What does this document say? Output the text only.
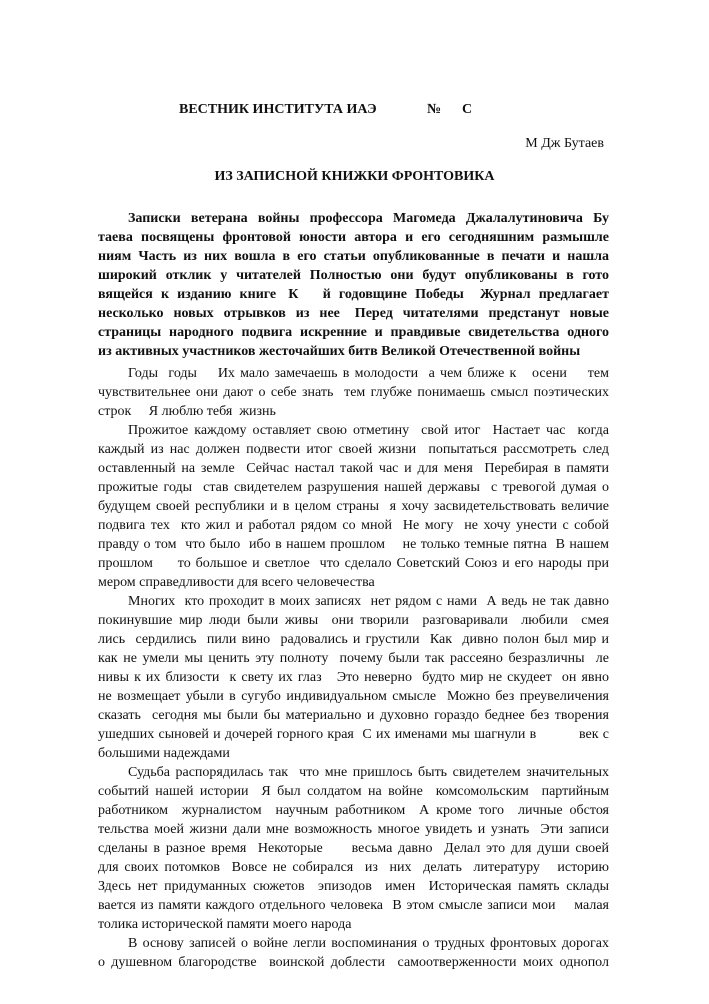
ВЕСТНИК ИНСТИТУТА ИАЭ	№ С
М Дж Бутаев
ИЗ ЗАПИСНОЙ КНИЖКИ ФРОНТОВИКА
Записки  ветерана  войны  профессора  Магомеда  Джалалутиновича  Бу
таева  посвящены  фронтовой  юности  автора  и  его  сегодняшним  размышле
ниям  Часть  из  них  вошла  в  его  статьи  опубликованные  в  печати  и  нашла
широкий  отклик  у  читателей  Полностью  они  будут  опубликованы  в  гото
вящейся  к  изданию  книге   К      й  годовщине  Победы    Журнал  предлагает
несколько  новых  отрывков  из  нее   Перед  читателями  предстанут  новые
страницы  народного  подвига  искренние  и  правдивые  свидетельства  одного
из активных участников жесточайших битв Великой Отечественной войны
Годы  годы    Их мало замечаешь в молодости  а чем ближе к   осени    тем
чувствительнее они дают о себе знать  тем глубже понимаешь смысл поэтических
строк     Я люблю тебя  жизнь
Прожитое каждому оставляет свою отметину  свой итог  Настает час  когда
каждый из нас должен подвести итог своей жизни  попытаться рассмотреть след
оставленный на земле  Сейчас настал такой час и для меня  Перебирая в памяти
прожитые годы  став свидетелем разрушения нашей державы  с тревогой думая о
будущем своей республики и в целом страны  я хочу засвидетельствовать величие
подвига тех  кто жил и работал рядом со мной  Не могу  не хочу унести с собой
правду о том  что было  ибо в нашем прошлом    не только темные пятна  В нашем
прошлом     то большое и светлое  что сделало Советский Союз и его народы при
мером справедливости для всего человечества
Многих  кто проходит в моих записях  нет рядом с нами  А ведь не так давно
покинувшие мир люди были живы  они творили  разговаривали  любили  смея
лись  сердились  пили вино  радовались и грустили  Как  дивно полон был мир и
как не умели мы ценить эту полноту  почему были так рассеяно безразличны  ле
нивы к их близости  к свету их глаз   Это неверно  будто мир не скудеет  он явно
не возмещает убыли в сугубо индивидуальном смысле  Можно без преувеличения
сказать  сегодня мы были бы материально и духовно гораздо беднее без творения
ушедших сыновей и дочерей горного края  С их именами мы шагнули в          век с
большими надеждами
Судьба распорядилась так  что мне пришлось быть свидетелем значительных
событий нашей истории  Я был солдатом на войне  комсомольским  партийным
работником  журналистом  научным работником  А кроме того  личные обстоя
тельства моей жизни дали мне возможность многое увидеть и узнать  Эти записи
сделаны в разное время  Некоторые     весьма давно  Делал это для души своей
для своих потомков  Вовсе не собирался  из  них  делать  литературу   историю
Здесь нет придуманных сюжетов  эпизодов  имен  Историческая память склады
вается из памяти каждого отдельного человека  В этом смысле записи мои    малая
толика исторической памяти моего народа
В основу записей о войне легли воспоминания о трудных фронтовых дорогах
о душевном благородстве  воинской доблести  самоотверженности моих однопол
